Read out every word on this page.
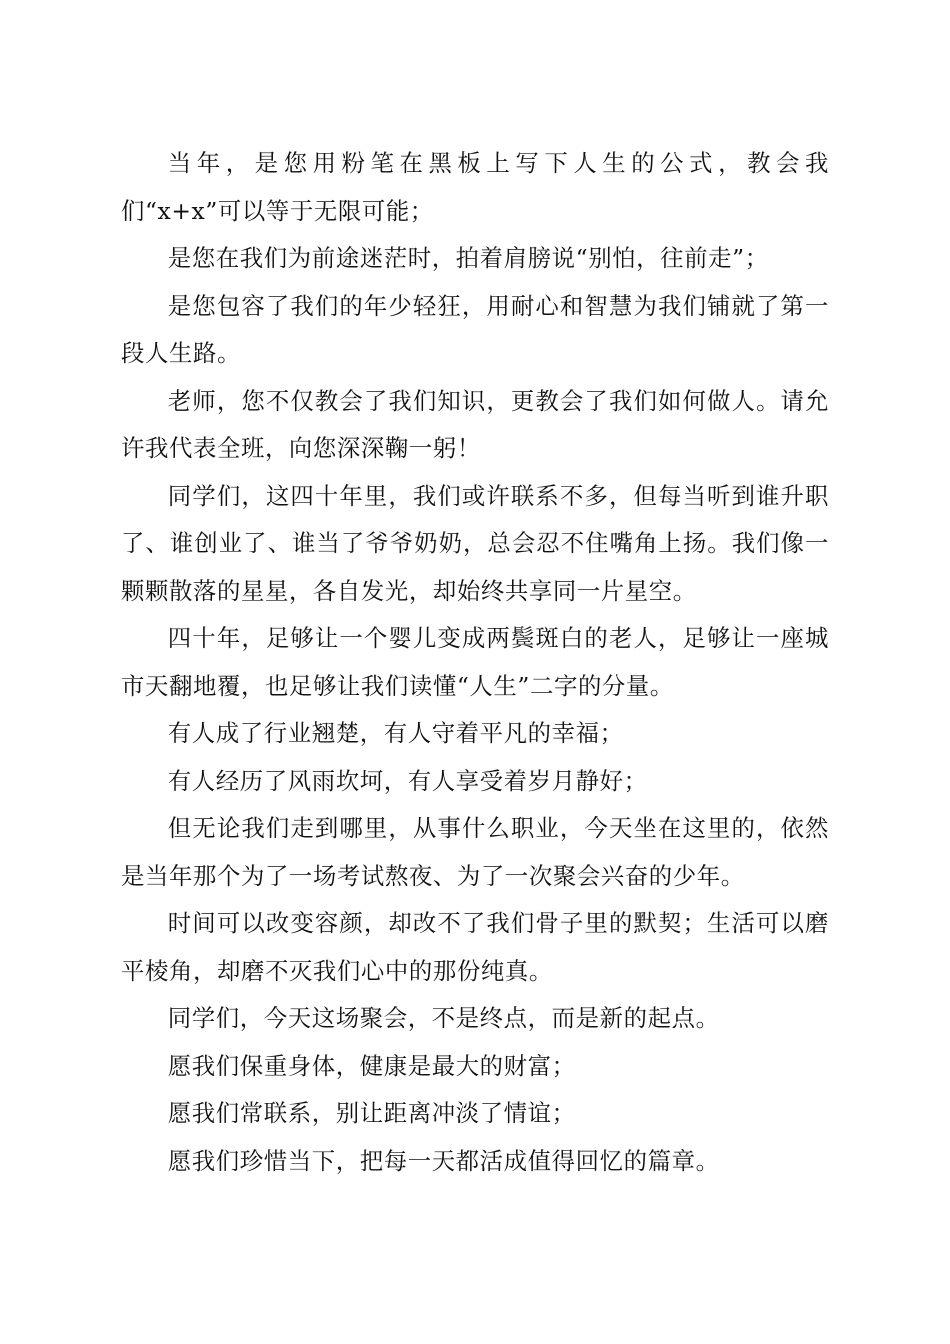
当年，是您用粉笔在黑板上写下人生的公式，教会我们“x+x”可以等于无限可能；

是您在我们为前途迷茫时，拍着肩膀说“别怕，往前走”；

是您包容了我们的年少轻狂，用耐心和智慧为我们铺就了第一段人生路。

老师，您不仅教会了我们知识，更教会了我们如何做人。请允许我代表全班，向您深深鞠一躬！

同学们，这四十年里，我们或许联系不多，但每当听到谁升职了、谁创业了、谁当了爷爷奶奶，总会忍不住嘴角上扬。我们像一颗颗散落的星星，各自发光，却始终共享同一片星空。

四十年，足够让一个婴儿变成两鬓斑白的老人，足够让一座城市天翻地覆，也足够让我们读懂“人生”二字的分量。

有人成了行业翘楚，有人守着平凡的幸福；

有人经历了风雨坎坷，有人享受着岁月静好；

但无论我们走到哪里，从事什么职业，今天坐在这里的，依然是当年那个为了一场考试熬夜、为了一次聚会兴奋的少年。

时间可以改变容颜，却改不了我们骨子里的默契；生活可以磨平棱角，却磨不灭我们心中的那份纯真。

同学们，今天这场聚会，不是终点，而是新的起点。

愿我们保重身体，健康是最大的财富；

愿我们常联系，别让距离冲淡了情谊；

愿我们珍惜当下，把每一天都活成值得回忆的篇章。
